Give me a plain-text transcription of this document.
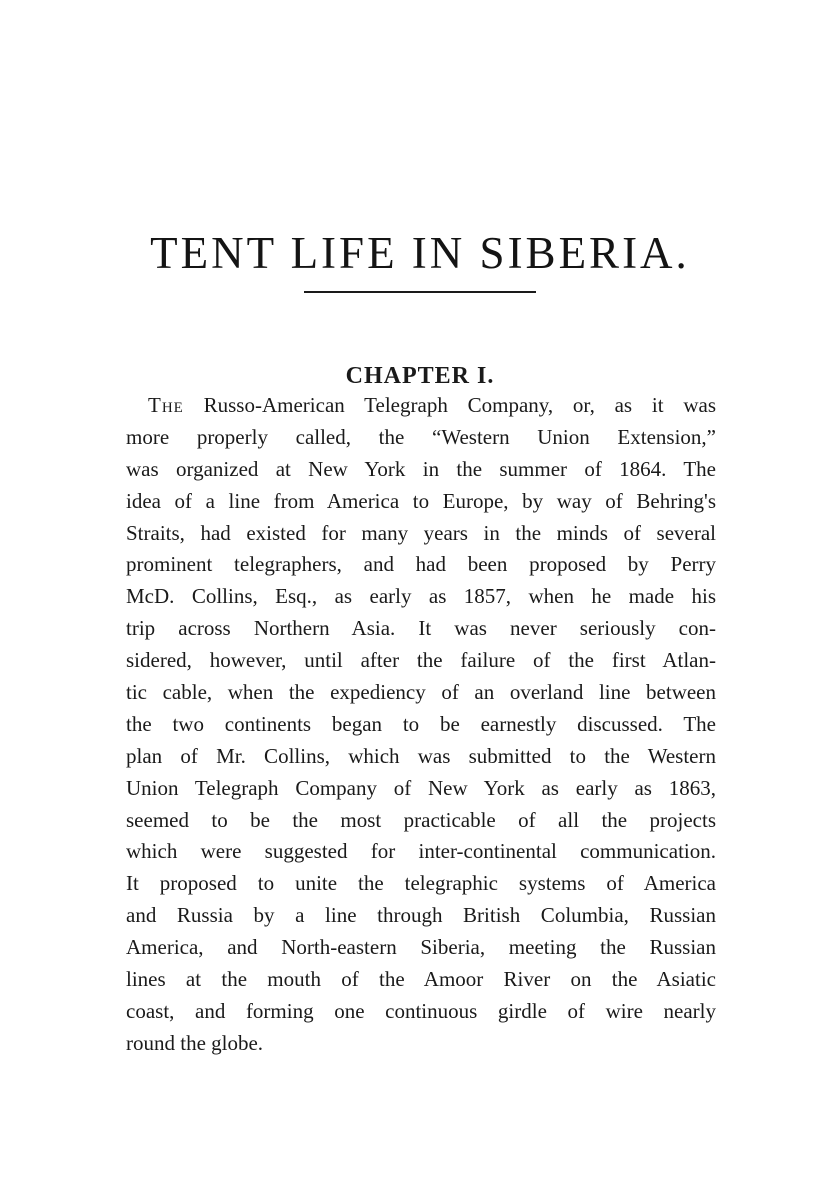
TENT LIFE IN SIBERIA.
CHAPTER I.
The Russo-American Telegraph Company, or, as it was
more properly called, the “Western Union Extension,”
was organized at New York in the summer of 1864. The
idea of a line from America to Europe, by way of Behring's
Straits, had existed for many years in the minds of several
prominent telegraphers, and had been proposed by Perry
McD. Collins, Esq., as early as 1857, when he made his
trip across Northern Asia. It was never seriously con-
sidered, however, until after the failure of the first Atlan-
tic cable, when the expediency of an overland line between
the two continents began to be earnestly discussed. The
plan of Mr. Collins, which was submitted to the Western
Union Telegraph Company of New York as early as 1863,
seemed to be the most practicable of all the projects
which were suggested for inter-continental communication.
It proposed to unite the telegraphic systems of America
and Russia by a line through British Columbia, Russian
America, and North-eastern Siberia, meeting the Russian
lines at the mouth of the Amoor River on the Asiatic
coast, and forming one continuous girdle of wire nearly
round the globe.
